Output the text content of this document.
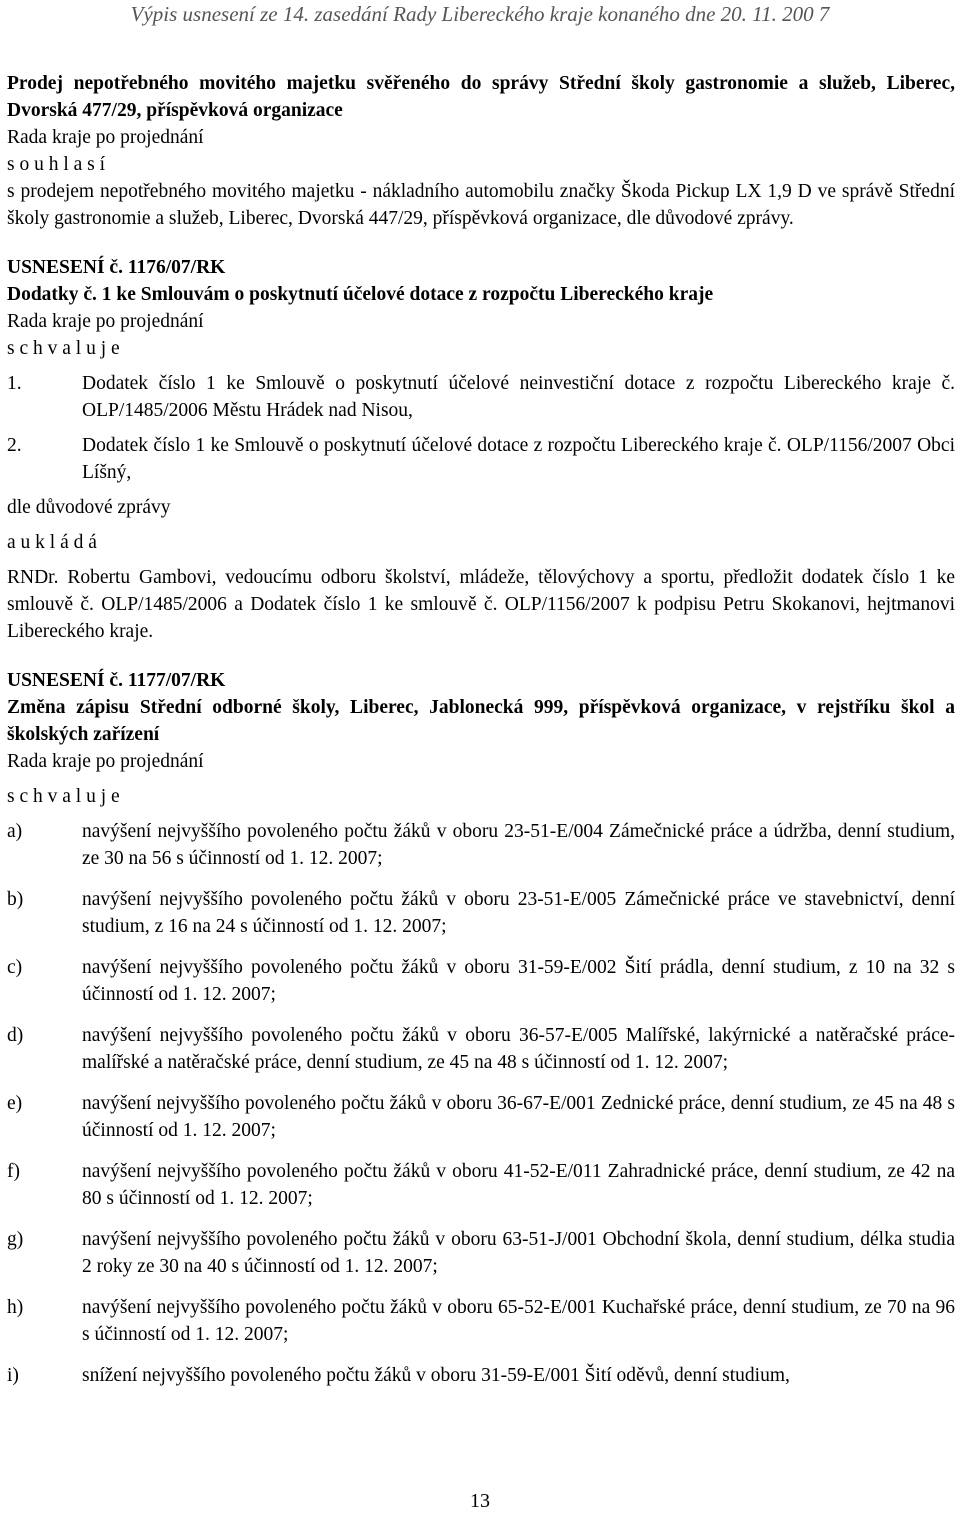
Výpis usnesení ze 14. zasedání Rady Libereckého kraje konaného dne 20. 11. 200 7

Prodej nepotřebného movitého majetku svěřeného do správy Střední školy gastronomie a služeb, Liberec, Dvorská 477/29, příspěvková organizace

Rada kraje po projednání

s o u h l a s í

s prodejem nepotřebného movitého majetku - nákladního automobilu značky Škoda Pickup LX 1,9 D ve správě Střední školy gastronomie a služeb, Liberec, Dvorská 447/29, příspěvková organizace, dle důvodové zprávy.

USNESENÍ č. 1176/07/RK

Dodatky č. 1 ke Smlouvám o poskytnutí účelové dotace z rozpočtu Libereckého kraje

Rada kraje po projednání

s c h v a l u j e

1.	Dodatek číslo 1 ke Smlouvě o poskytnutí účelové neinvestiční dotace z rozpočtu Libereckého kraje č. OLP/1485/2006 Městu Hrádek nad Nisou,
2.	Dodatek číslo 1 ke Smlouvě o poskytnutí účelové dotace z rozpočtu Libereckého kraje č. OLP/1156/2007 Obci Líšný,

dle důvodové zprávy

a u k l á d á

RNDr. Robertu Gambovi, vedoucímu odboru školství, mládeže, tělovýchovy a sportu, předložit dodatek číslo 1 ke smlouvě č. OLP/1485/2006 a Dodatek číslo 1 ke smlouvě č. OLP/1156/2007 k podpisu Petru Skokanovi, hejtmanovi Libereckého kraje.

USNESENÍ č. 1177/07/RK

Změna zápisu Střední odborné školy, Liberec, Jablonecká 999, příspěvková organizace, v rejstříku škol a školských zařízení

Rada kraje po projednání

s c h v a l u j e

a)	navýšení nejvyššího povoleného počtu žáků v oboru 23-51-E/004 Zámečnické práce a údržba, denní studium, ze 30 na 56 s účinností od 1. 12. 2007;
b)	navýšení nejvyššího povoleného počtu žáků v oboru 23-51-E/005 Zámečnické práce ve stavebnictví, denní studium, z 16 na 24 s účinností od 1. 12. 2007;
c)	navýšení nejvyššího povoleného počtu žáků v oboru 31-59-E/002 Šití prádla, denní studium, z 10 na 32 s účinností od 1. 12. 2007;
d)	navýšení nejvyššího povoleného počtu žáků v oboru 36-57-E/005 Malířské, lakýrnické a natěračské práce-malířské a natěračské práce, denní studium, ze 45 na 48 s účinností od 1. 12. 2007;
e)	navýšení nejvyššího povoleného počtu žáků v oboru 36-67-E/001 Zednické práce, denní studium, ze 45 na 48 s účinností od 1. 12. 2007;
f)	navýšení nejvyššího povoleného počtu žáků v oboru 41-52-E/011 Zahradnické práce, denní studium, ze 42 na 80 s účinností od 1. 12. 2007;
g)	navýšení nejvyššího povoleného počtu žáků v oboru 63-51-J/001 Obchodní škola, denní studium, délka studia 2 roky ze 30 na 40 s účinností od 1. 12. 2007;
h)	navýšení nejvyššího povoleného počtu žáků v oboru 65-52-E/001 Kuchařské práce, denní studium, ze 70 na 96 s účinností od 1. 12. 2007;
i)	snížení nejvyššího povoleného počtu žáků v oboru 31-59-E/001 Šití oděvů, denní studium,
13
